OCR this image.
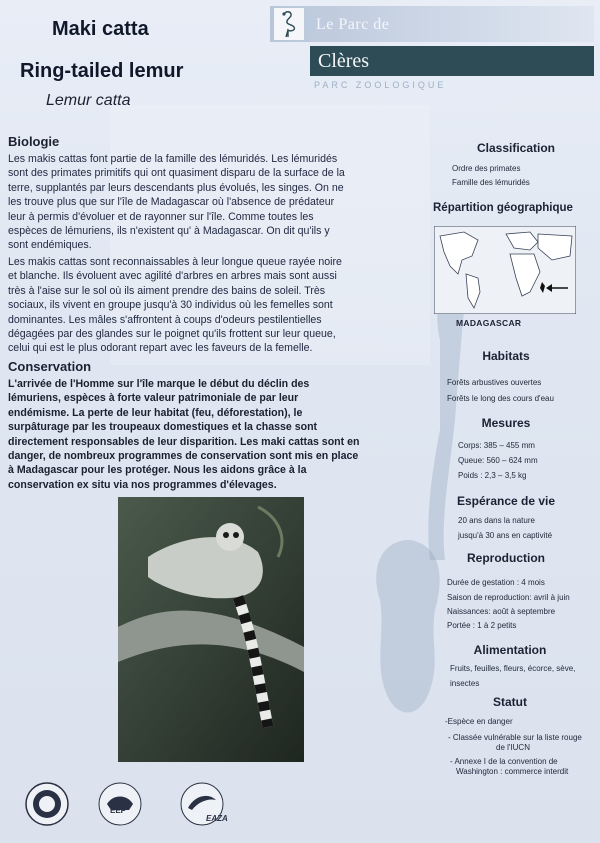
Maki catta
Ring-tailed lemur
Lemur catta
Le Parc de
Clères
PARC ZOOLOGIQUE
Biologie
Les makis cattas font partie de la famille des lémuridés. Les lémuridés
sont des primates primitifs qui ont quasiment disparu de la surface de la
terre, supplantés par leurs descendants plus évolués, les singes. On ne
les trouve plus que sur l'île de Madagascar où l'absence de prédateur
leur à permis d'évoluer et de rayonner sur l'île. Comme toutes les
espèces de lémuriens, ils n'existent qu' à Madagascar. On dit qu'ils y
sont endémiques.
Les makis cattas sont reconnaissables à leur longue queue rayée noire
et blanche. Ils évoluent avec agilité d'arbres en arbres mais sont aussi
très à l'aise sur le sol où ils aiment prendre des bains de soleil. Très
sociaux, ils vivent en groupe jusqu'à 30 individus où les femelles sont
dominantes. Les mâles s'affrontent à coups d'odeurs pestilentielles
dégagées par des glandes sur le poignet qu'ils frottent sur leur queue,
celui qui est le plus odorant repart avec les faveurs de la femelle.
Conservation
L'arrivée de l'Homme sur l'île marque le début du déclin des
lémuriens, espèces à forte valeur patrimoniale de par leur
endémisme. La perte de leur habitat (feu, déforestation), le
surpâturage par les troupeaux domestiques et la chasse sont
directement responsables de leur disparition. Les maki cattas sont en
danger, de nombreux programmes de conservation sont mis en place
à Madagascar pour les protéger. Nous les aidons grâce à la
conservation ex situ via nos programmes d'élevages.
Classification
Ordre des primates
Famille des lémuridés
Répartition géographique
MADAGASCAR
Habitats
Forêts arbustives ouvertes
Forêts le long des cours d'eau
Mesures
Corps: 385 – 455 mm
Queue: 560 – 624 mm
Poids : 2,3 – 3,5 kg
Espérance de vie
20 ans dans la nature
jusqu'à 30 ans en captivité
Reproduction
Durée de gestation : 4 mois
Saison de reproduction: avril à juin
Naissances: août à septembre
Portée : 1 à 2 petits
Alimentation
Fruits, feuilles, fleurs, écorce, sève,
insectes
Statut
-Espèce en danger
- Classée vulnérable sur la liste rouge
de l'IUCN
- Annexe I de la convention de
Washington : commerce interdit
EEP
EAZA
